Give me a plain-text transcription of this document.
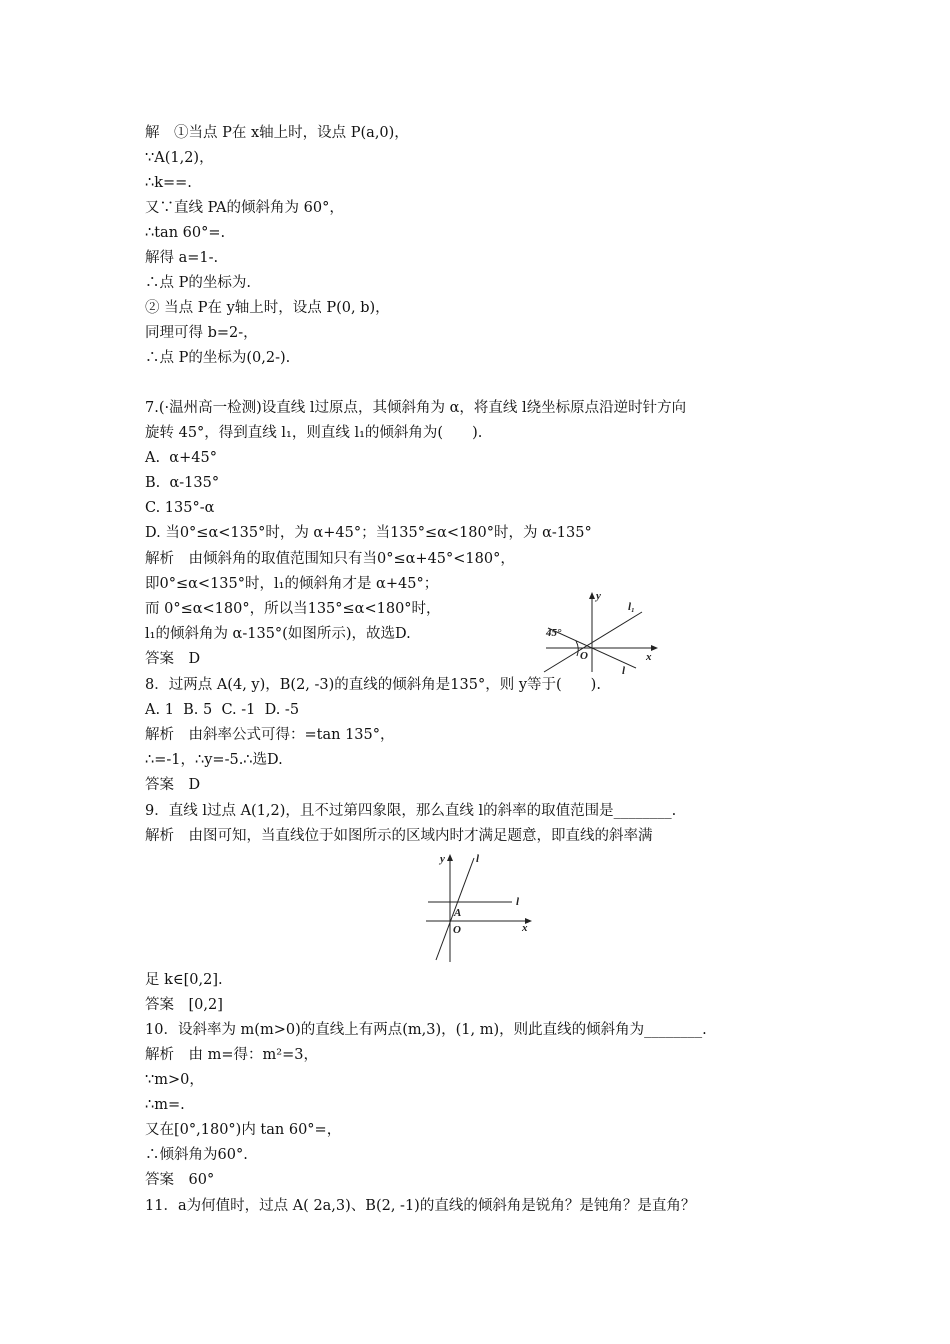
解　①当点 P在 x轴上时，设点 P(a,0)，
∵A(1,2)，
∴k==.
又∵直线 PA的倾斜角为 60°，
∴tan 60°=.
解得 a=1-.
∴点 P的坐标为.
② 当点 P在 y轴上时，设点 P(0, b)，
同理可得 b=2-，
∴点 P的坐标为(0,2-).
7.(·温州高一检测)设直线 l过原点，其倾斜角为 α，将直线 l绕坐标原点沿逆时针方向
旋转 45°，得到直线 l₁，则直线 l₁的倾斜角为(　　).
A.  α+45°
B.  α-135°
C. 135°-α
D. 当0°≤α<135°时，为 α+45°；当135°≤α<180°时，为 α-135°
解析　由倾斜角的取值范围知只有当0°≤α+45°<180°，
即0°≤α<135°时，l₁的倾斜角才是 α+45°；
而 0°≤α<180°，所以当135°≤α<180°时，
l₁的倾斜角为 α-135°(如图所示)，故选D.
答案　D
8．过两点 A(4, y)，B(2, -3)的直线的倾斜角是135°，则 y等于(　　).
A. 1  B. 5  C. -1  D. -5
解析　由斜率公式可得：=tan 135°，
∴=-1，∴y=-5.∴选D.
答案　D
9．直线 l过点 A(1,2)，且不过第四象限，那么直线 l的斜率的取值范围是________.
解析　由图可知，当直线位于如图所示的区域内时才满足题意，即直线的斜率满
足 k∈[0,2].
答案　[0,2]
10．设斜率为 m(m>0)的直线上有两点(m,3)，(1, m)，则此直线的倾斜角为________.
解析　由 m=得：m²=3，
∵m>0，
∴m=.
又在[0°,180°)内 tan 60°=，
∴倾斜角为60°.
答案　60°
11．a为何值时，过点 A( 2a,3)、B(2, -1)的直线的倾斜角是锐角？是钝角？是直角？
y
x
O
l₁
l
45°
y
x
O
A
l
l
